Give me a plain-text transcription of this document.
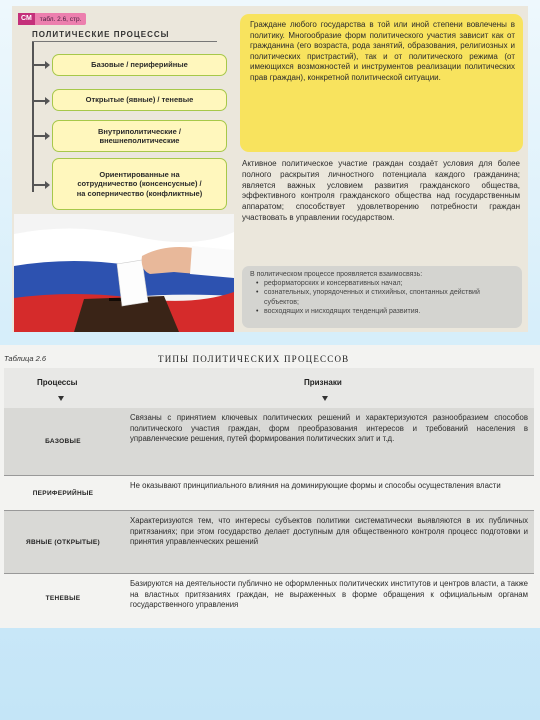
СМ	табл. 2.6, стр.
ПОЛИТИЧЕСКИЕ ПРОЦЕССЫ
Базовые / периферийные
Открытые (явные) / теневые
Внутриполитические / внешнеполитические
Ориентированные на сотрудничество (консенсусные) / на соперничество (конфликтные)
Граждане любого государства в той или иной степени вовлечены в политику. Многообразие форм политического участия зависит как от гражданина (его возраста, рода занятий, образования, религиозных и политических пристрастий), так и от политического режима (от имеющихся возможностей и инструментов реализации политических прав граждан), конкретной политической ситуации.
Активное политическое участие граждан создаёт условия для более полного раскрытия личностного потенциала каждого гражданина; является важных условием развития гражданского общества, эффективного контроля гражданского общества над государственным аппаратом; способствует удовлетворению потребности граждан участвовать в управлении государством.
В политическом процессе проявляется взаимосвязь:
• реформаторских и консервативных начал;
• сознательных, упорядоченных и стихийных, спонтанных действий субъектов;
• восходящих и нисходящих тенденций развития.
Таблица 2.6	ТИПЫ ПОЛИТИЧЕСКИХ ПРОЦЕССОВ
Процессы	Признаки
БАЗОВЫЕ
Связаны с принятием ключевых политических решений и характеризуются разнообразием способов политического участия граждан, форм преобразования интересов и требований населения в управленческие решения, путей формирования политических элит и т.д.
ПЕРИФЕРИЙНЫЕ
Не оказывают принципиального влияния на доминирующие формы и способы осуществления власти
ЯВНЫЕ (ОТКРЫТЫЕ)
Характеризуются тем, что интересы субъектов политики систематически выявляются в их публичных притязаниях; при этом государство делает доступным для общественного контроля процесс подготовки и принятия управленческих решений
ТЕНЕВЫЕ
Базируются на деятельности публично не оформленных политических институтов и центров власти, а также на властных притязаниях граждан, не выраженных в форме обращения к официальным органам государственного управления
